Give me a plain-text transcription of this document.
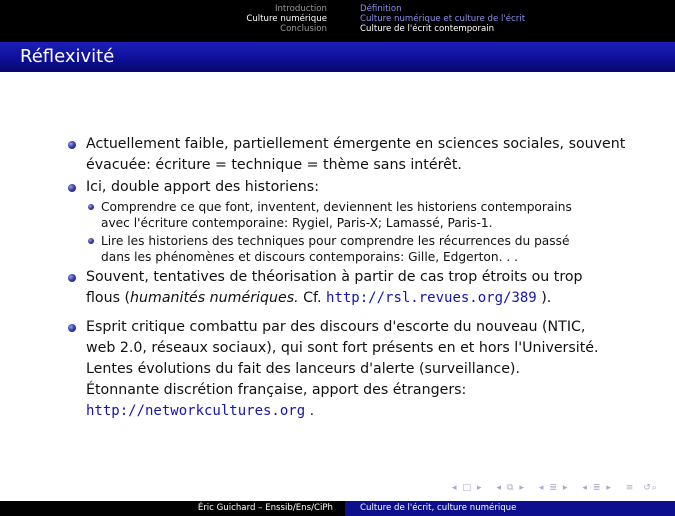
Introduction
Culture numérique
Conclusion
Définition
Culture numérique et culture de l'écrit
Culture de l'écrit contemporain
Réflexivité
Actuellement faible, partiellement émergente en sciences sociales, souvent
évacuée: écriture = technique = thème sans intérêt.
Ici, double apport des historiens:
Comprendre ce que font, inventent, deviennent les historiens contemporains
avec l'écriture contemporaine: Rygiel, Paris-X; Lamassé, Paris-1.
Lire les historiens des techniques pour comprendre les récurrences du passé
dans les phénomènes et discours contemporains: Gille, Edgerton. . .
Souvent, tentatives de théorisation à partir de cas trop étroits ou trop
flous (humanités numériques. Cf. http://rsl.revues.org/389 ).
Esprit critique combattu par des discours d'escorte du nouveau (NTIC,
web 2.0, réseaux sociaux), qui sont fort présents en et hors l'Université.
Lentes évolutions du fait des lanceurs d'alerte (surveillance).
Étonnante discrétion française, apport des étrangers:
http://networkcultures.org .
◂ □ ▸ ◂ ⧉ ▸ ◂ ≣ ▸ ◂ ≣ ▸ ≡ ↺⌕
Éric Guichard – Enssib/Ens/CiPh	Culture de l'écrit, culture numérique
